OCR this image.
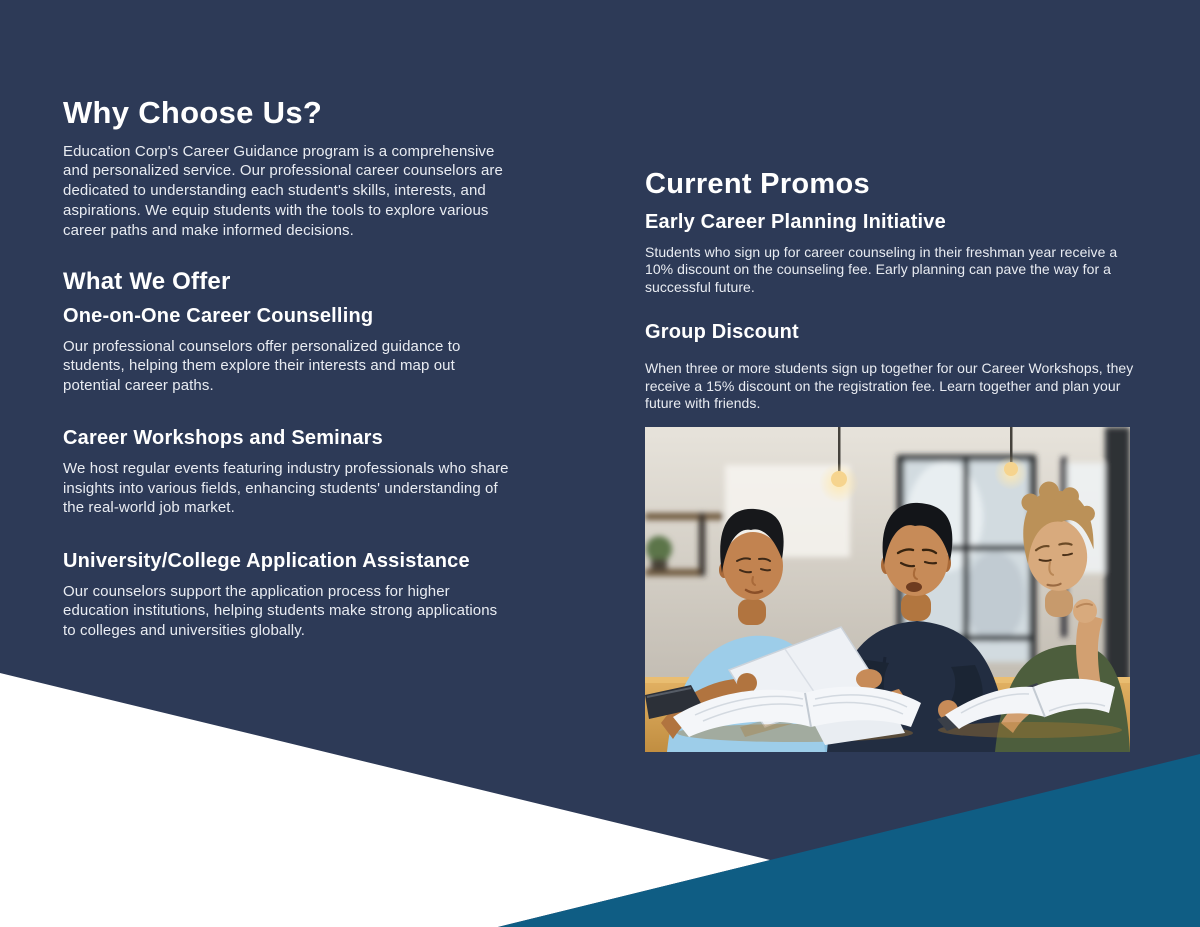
Why Choose Us?

Education Corp's Career Guidance program is a comprehensive and personalized service. Our professional career counselors are dedicated to understanding each student's skills, interests, and aspirations. We equip students with the tools to explore various career paths and make informed decisions.

What We Offer
One-on-One Career Counselling

Our professional counselors offer personalized guidance to students, helping them explore their interests and map out potential career paths.

Career Workshops and Seminars

We host regular events featuring industry professionals who share insights into various fields, enhancing students' understanding of the real-world job market.

University/College Application Assistance

Our counselors support the application process for higher education institutions, helping students make strong applications to colleges and universities globally.

Current Promos
Early Career Planning Initiative

Students who sign up for career counseling in their freshman year receive a 10% discount on the counseling fee. Early planning can pave the way for a successful future.

Group Discount

When three or more students sign up together for our Career Workshops, they receive a 15% discount on the registration fee. Learn together and plan your future with friends.
